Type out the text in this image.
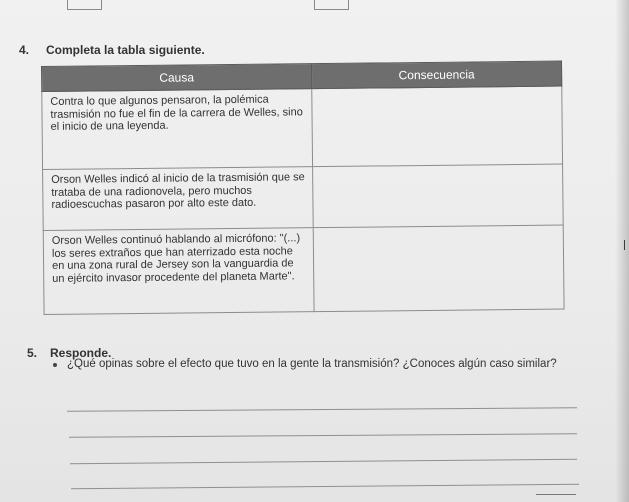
4. Completa la tabla siguiente.
Causa	Consecuencia
Contra lo que algunos pensaron, la polémica trasmisión no fue el fin de la carrera de Welles, sino el inicio de una leyenda.	
Orson Welles indicó al inicio de la trasmisión que se trataba de una radionovela, pero muchos radioescuchas pasaron por alto este dato.	
Orson Welles continuó hablando al micrófono: "(...) los seres extraños que han aterrizado esta noche en una zona rural de Jersey son la vanguardia de un ejército invasor procedente del planeta Marte".	
5. Responde.
¿Qué opinas sobre el efecto que tuvo en la gente la transmisión? ¿Conoces algún caso similar?
